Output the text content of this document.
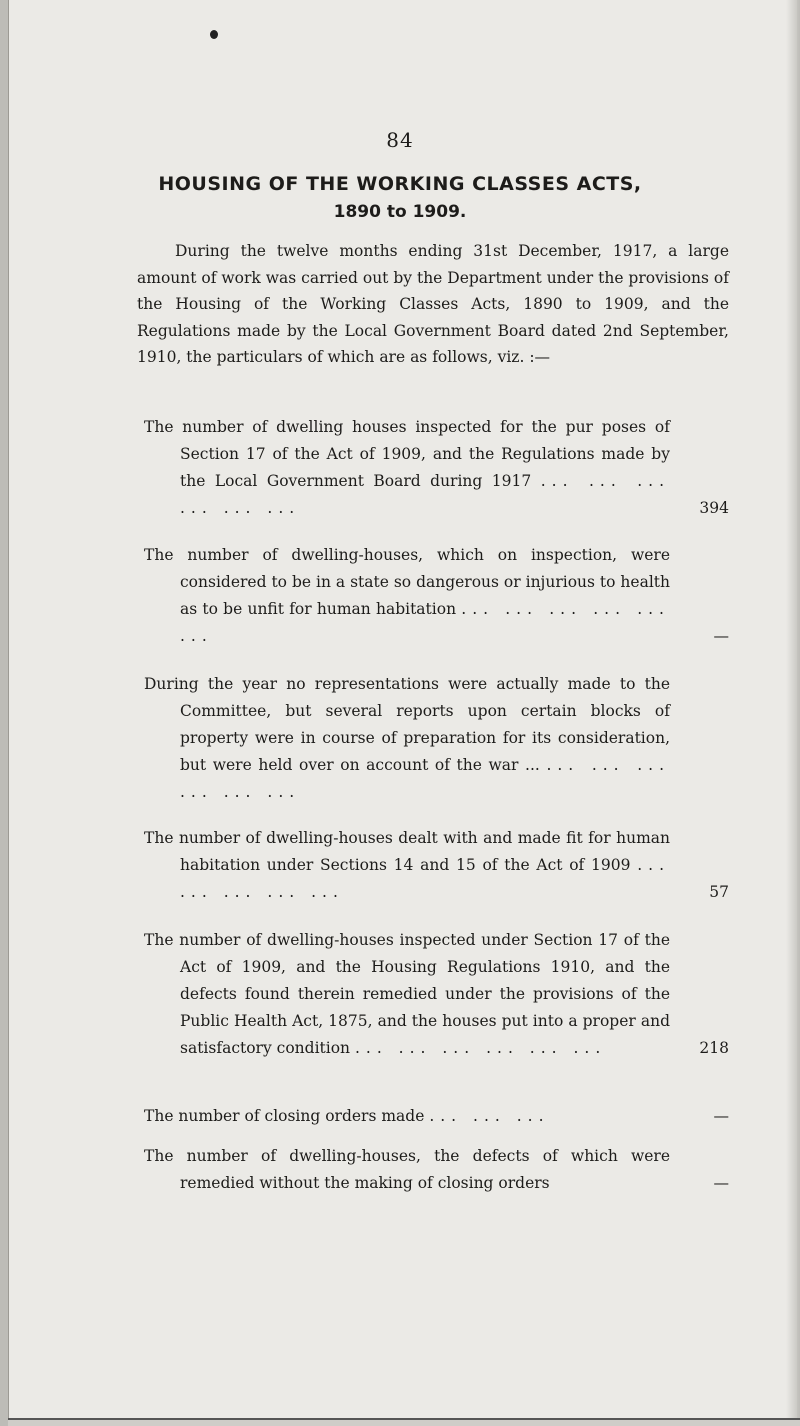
84
HOUSING OF THE WORKING CLASSES ACTS,
1890 to 1909.

During the twelve months ending 31st December, 1917, a large amount of work was carried out by the Department under the provisions of the Housing of the Working Classes Acts, 1890 to 1909, and the Regulations made by the Local Government Board dated 2nd September, 1910, the particulars of which are as follows, viz. :—

The number of dwelling houses inspected for the pur poses of Section 17 of the Act of 1909, and the Regulations made by the Local Government Board during 1917 ... ... ... ... ... ...	394
The number of dwelling-houses, which on inspection, were considered to be in a state so dangerous or injurious to health as to be unfit for human habitation ... ... ... ... ... ...	—
During the year no representations were actually made to the Committee, but several reports upon certain blocks of property were in course of preparation for its consideration, but were held over on account of the war ... ... ... ... ... ... ...
The number of dwelling-houses dealt with and made fit for human habitation under Sections 14 and 15 of the Act of 1909 ... ... ... ... ...	57
The number of dwelling-houses inspected under Section 17 of the Act of 1909, and the Housing Regulations 1910, and the defects found therein remedied under the provisions of the Public Health Act, 1875, and the houses put into a proper and satisfactory condition ... ... ... ... ... ...	218
The number of closing orders made ... ... ...	—
The number of dwelling-houses, the defects of which were remedied without the making of closing orders	—
